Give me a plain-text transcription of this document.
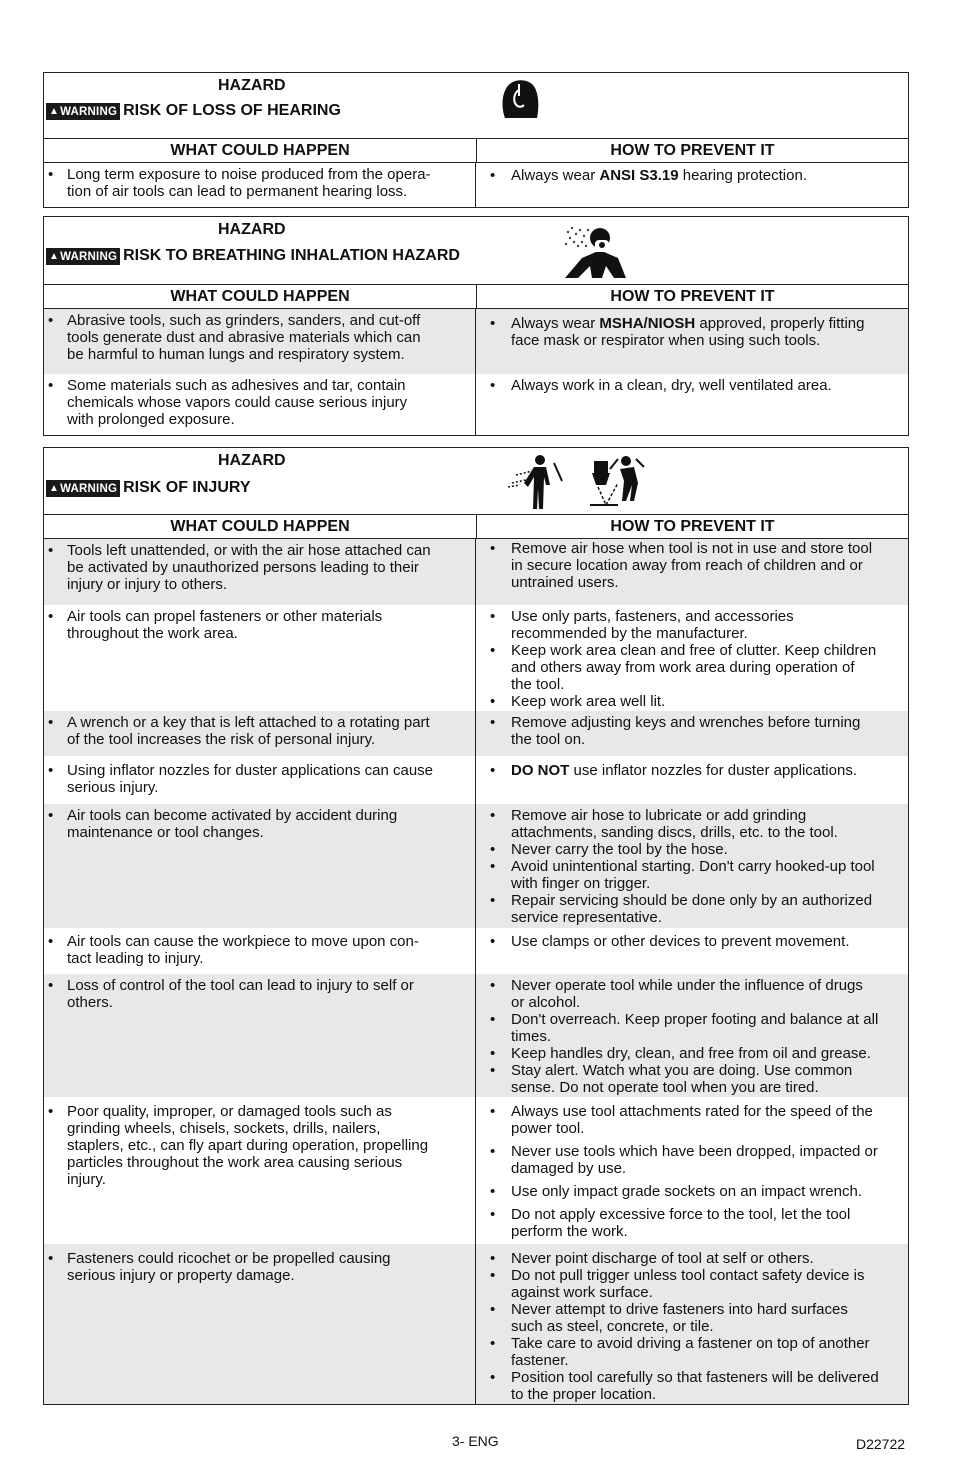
HAZARD
▲ WARNING RISK OF LOSS OF HEARING
WHAT COULD HAPPEN	HOW TO PREVENT IT
• Long term exposure to noise produced from the opera-
tion of air tools can lead to permanent hearing loss.
•	Always wear ANSI S3.19 hearing protection.
HAZARD
▲ WARNING RISK TO BREATHING INHALATION HAZARD
WHAT COULD HAPPEN	HOW TO PREVENT IT
• Abrasive tools, such as grinders, sanders, and cut-off
tools generate dust and abrasive materials which can
be harmful to human lungs and respiratory system.
•	Always wear MSHA/NIOSH approved, properly fitting
face mask or respirator when using such tools.
• Some materials such as adhesives and tar, contain
chemicals whose vapors could cause serious injury
with prolonged exposure.
•	Always work in a clean, dry, well ventilated area.
HAZARD
▲ WARNING RISK OF INJURY
WHAT COULD HAPPEN	HOW TO PREVENT IT
• Tools left unattended, or with the air hose attached can
be activated by unauthorized persons leading to their
injury or injury to others.
•	Remove air hose when tool is not in use and store tool
in secure location away from reach of children and or
untrained users.
• Air tools can propel fasteners or other materials
throughout the work area.
•	Use only parts, fasteners, and accessories
recommended by the manufacturer.
•	Keep work area clean and free of clutter. Keep children
and others away from work area during operation of
the tool.
•	Keep work area well lit.
• A wrench or a key that is left attached to a rotating part
of the tool increases the risk of personal injury.
•	Remove adjusting keys and wrenches before turning
the tool on.
• Using inflator nozzles for duster applications can cause
serious injury.
•	DO NOT use inflator nozzles for duster applications.
• Air tools can become activated by accident during
maintenance or tool changes.
•	Remove air hose to lubricate or add grinding
attachments, sanding discs, drills, etc. to the tool.
•	Never carry the tool by the hose.
•	Avoid unintentional starting. Don't carry hooked-up tool
with finger on trigger.
•	Repair servicing should be done only by an authorized
service representative.
• Air tools can cause the workpiece to move upon con-
tact leading to injury.
•	Use clamps or other devices to prevent movement.
• Loss of control of the tool can lead to injury to self or
others.
•	Never operate tool while under the influence of drugs
or alcohol.
•	Don't overreach. Keep proper footing and balance at all
times.
•	Keep handles dry, clean, and free from oil and grease.
•	Stay alert. Watch what you are doing. Use common
sense. Do not operate tool when you are tired.
• Poor quality, improper, or damaged tools such as
grinding wheels, chisels, sockets, drills, nailers,
staplers, etc., can fly apart during operation, propelling
particles throughout the work area causing serious
injury.
•	Always use tool attachments rated for the speed of the
power tool.
•	Never use tools which have been dropped, impacted or
damaged by use.
•	Use only impact grade sockets on an impact wrench.
•	Do not apply excessive force to the tool, let the tool
perform the work.
• Fasteners could ricochet or be propelled causing
serious injury or property damage.
•	Never point discharge of tool at self or others.
•	Do not pull trigger unless tool contact safety device is
against work surface.
•	Never attempt to drive fasteners into hard surfaces
such as steel, concrete, or tile.
•	Take care to avoid driving a fastener on top of another
fastener.
•	Position tool carefully so that fasteners will be delivered
to the proper location.
3- ENG	D22722
